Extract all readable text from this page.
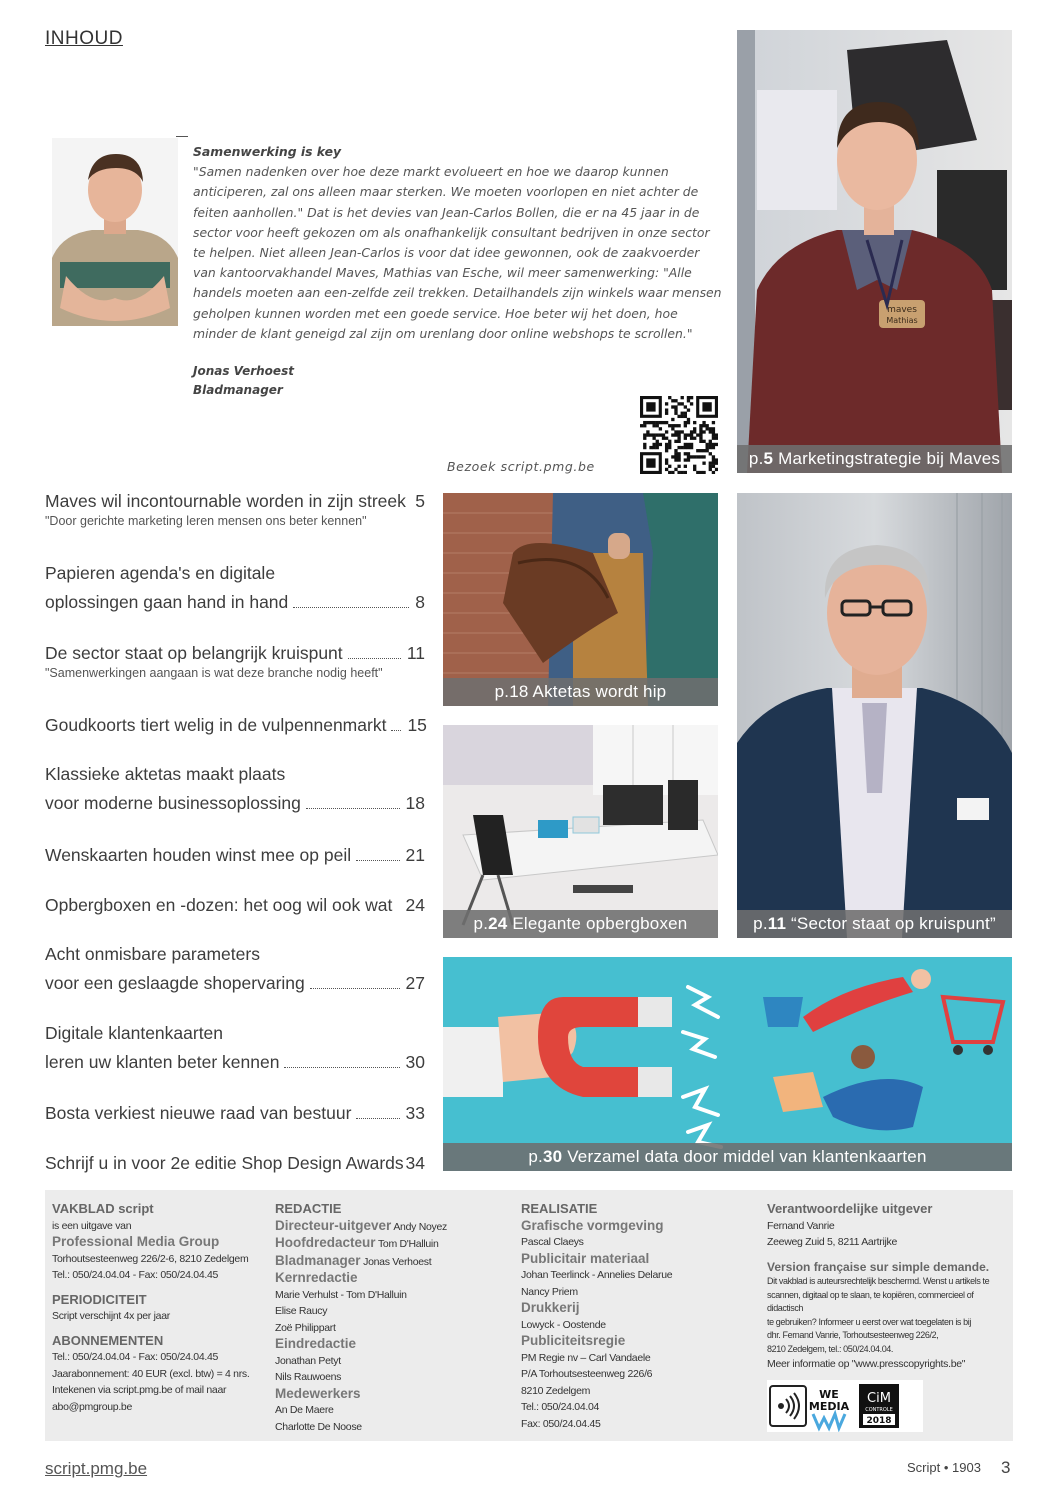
INHOUD

Samenwerking is key

"Samen nadenken over hoe deze markt evolueert en hoe we daarop kunnen anticiperen, zal ons alleen maar sterken. We moeten voorlopen en niet achter de feiten aanhollen." Dat is het devies van Jean-Carlos Bollen, die er na 45 jaar in de sector voor heeft gekozen om als onafhankelijk consultant bedrijven in onze sector te helpen. Niet alleen Jean-Carlos is voor dat idee gewonnen, ook de zaakvoerder van kantoorvakhandel Maves, Mathias van Esche, wil meer samenwerking: "Alle handels moeten aan een-zelfde zeil trekken. Detailhandels zijn winkels waar mensen geholpen kunnen worden met een goede service. Hoe beter wij het doen, hoe minder de klant geneigd zal zijn om urenlang door online webshops te scrollen."

Jonas Verhoest
Bladmanager
Bezoek script.pmg.be
Maves wil incontournable worden in zijn streek 5
"Door gerichte marketing leren mensen ons beter kennen"
Papieren agenda's en digitale
oplossingen gaan hand in hand	8
De sector staat op belangrijk kruispunt	11
"Samenwerkingen aangaan is wat deze branche nodig heeft"
Goudkoorts tiert welig in de vulpennenmarkt 15
Klassieke aktetas maakt plaats
voor moderne businessoplossing	18
Wenskaarten houden winst mee op peil	21
Opbergboxen en -dozen: het oog wil ook wat 24
Acht onmisbare parameters
voor een geslaagde shopervaring	27
Digitale klantenkaarten
leren uw klanten beter kennen	30
Bosta verkiest nieuwe raad van bestuur	33
Schrijf u in voor 2e editie Shop Design Awards 34
maves
Mathias
p.5 Marketingstrategie bij Maves
p.18 Aktetas wordt hip
p.24 Elegante opbergboxen	p.11 “Sector staat op kruispunt”
p.30 Verzamel data door middel van klantenkaarten
VAKBLAD script
is een uitgave van
Professional Media Group
Torhoutsesteenweg 226/2-6, 8210 Zedelgem
Tel.: 050/24.04.04 - Fax: 050/24.04.45
PERIODICITEIT
Script verschijnt 4x per jaar
ABONNEMENTEN
Tel.: 050/24.04.04 - Fax: 050/24.04.45
Jaarabonnement: 40 EUR (excl. btw) = 4 nrs.
Intekenen via script.pmg.be of mail naar
abo@pmgroup.be
REDACTIE
Directeur-uitgever Andy Noyez
Hoofdredacteur Tom D'Halluin
Bladmanager Jonas Verhoest
Kernredactie
Marie Verhulst - Tom D'Halluin
Elise Raucy
Zoë Philippart
Eindredactie
Jonathan Petyt
Nils Rauwoens
Medewerkers
An De Maere
Charlotte De Noose
REALISATIE
Grafische vormgeving
Pascal Claeys
Publicitair materiaal
Johan Teerlinck - Annelies Delarue
Nancy Priem
Drukkerij
Lowyck - Oostende
Publiciteitsregie
PM Regie nv – Carl Vandaele
P/A Torhoutsesteenweg 226/6
8210 Zedelgem
Tel.: 050/24.04.04
Fax: 050/24.04.45
Verantwoordelijke uitgever
Fernand Vanrie
Zeeweg Zuid 5, 8211 Aartrijke
Version française sur simple demande.
Dit vakblad is auteursrechtelijk beschermd. Wenst u artikels te
scannen, digitaal op te slaan, te kopiëren, commercieel of didactisch
te gebruiken? Informeer u eerst over wat toegelaten is bij
dhr. Fernand Vanrie, Torhoutsesteenweg 226/2,
8210 Zedelgem, tel.: 050/24.04.04.
Meer informatie op "www.presscopyrights.be"
WE
MEDIA
CiM
CONTROLE
2018
script.pmg.be	Script • 1903 3
